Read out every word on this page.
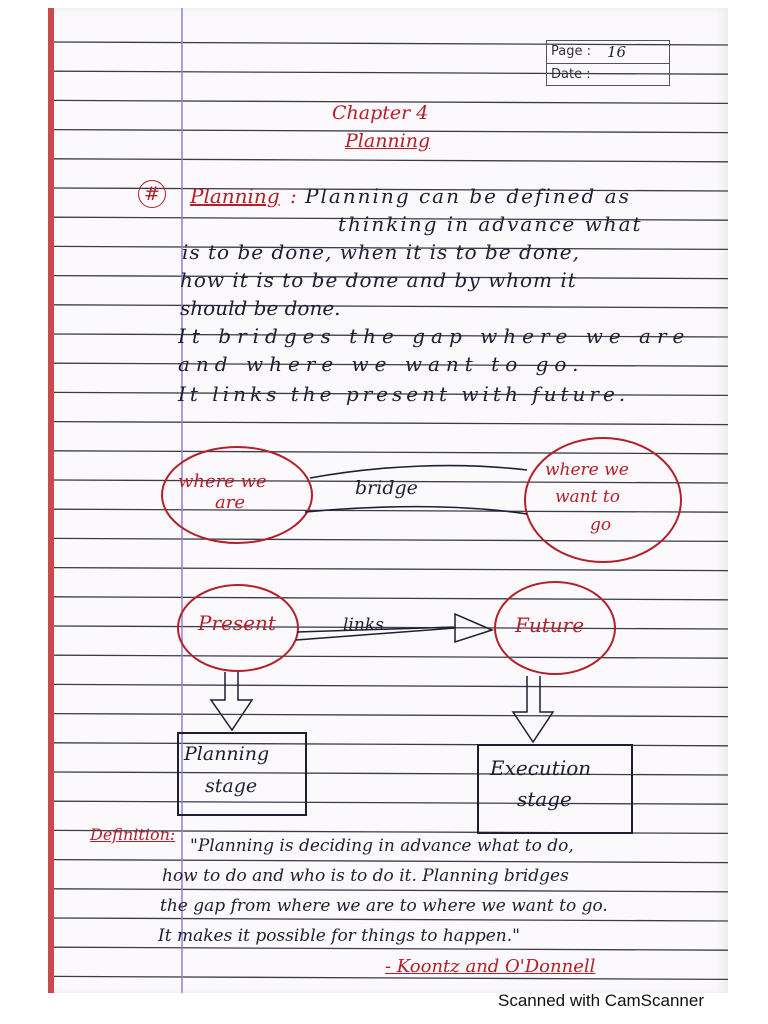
Page : 16
Date :
Chapter 4
Planning
#	Planning : Planning can be defined as
thinking in advance what
is to be done, when it is to be done,
how it is to be done and by whom it
should be done.
It bridges the gap where we are
and where we want to go.
It links the present with future.
where we
are
bridge
where we
want to
go
Present	links	Future
Planning
stage
Execution
stage
Definition:
"Planning is deciding in advance what to do,
how to do and who is to do it. Planning bridges
the gap from where we are to where we want to go.
It makes it possible for things to happen."
- Koontz and O'Donnell
Scanned with CamScanner
